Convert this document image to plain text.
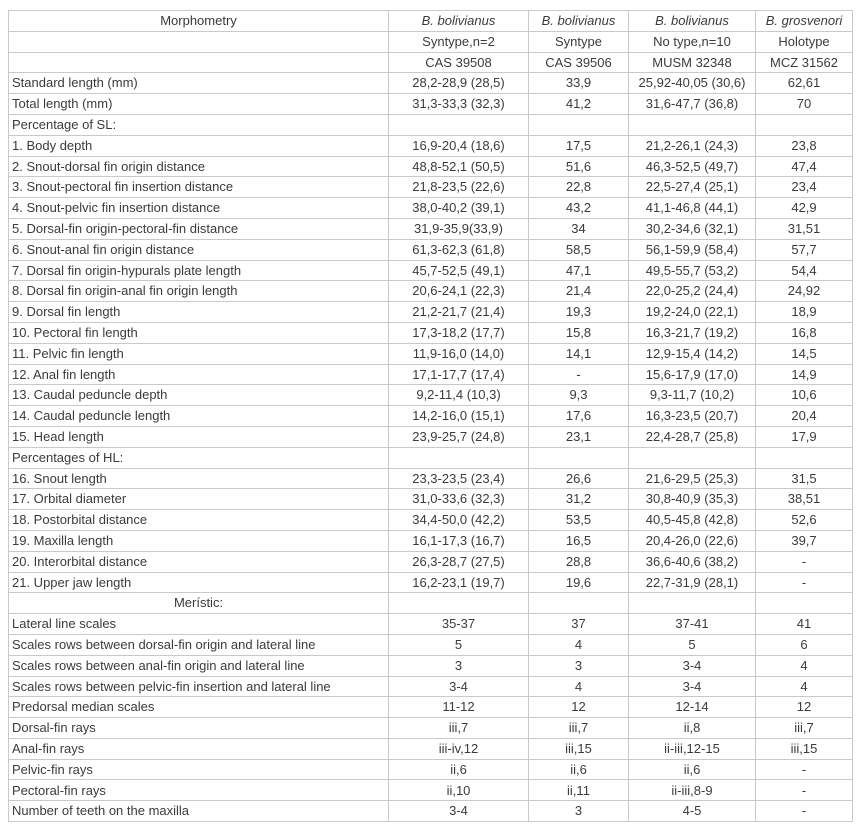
Morphometry	B. bolivianus	B. bolivianus	B. bolivianus	B. grosvenori
	Syntype,n=2	Syntype	No type,n=10	Holotype
	CAS 39508	CAS 39506	MUSM 32348	MCZ 31562
Standard length (mm)	28,2-28,9 (28,5)	33,9	25,92-40,05 (30,6)	62,61
Total length (mm)	31,3-33,3 (32,3)	41,2	31,6-47,7 (36,8)	70
Percentage of SL:				
1. Body depth	16,9-20,4 (18,6)	17,5	21,2-26,1 (24,3)	23,8
2. Snout-dorsal fin origin distance	48,8-52,1 (50,5)	51,6	46,3-52,5 (49,7)	47,4
3. Snout-pectoral fin insertion distance	21,8-23,5 (22,6)	22,8	22,5-27,4 (25,1)	23,4
4. Snout-pelvic fin insertion distance	38,0-40,2 (39,1)	43,2	41,1-46,8 (44,1)	42,9
5. Dorsal-fin origin-pectoral-fin distance	31,9-35,9(33,9)	34	30,2-34,6 (32,1)	31,51
6. Snout-anal fin origin distance	61,3-62,3 (61,8)	58,5	56,1-59,9 (58,4)	57,7
7. Dorsal fin origin-hypurals plate length	45,7-52,5 (49,1)	47,1	49,5-55,7 (53,2)	54,4
8. Dorsal fin origin-anal fin origin length	20,6-24,1 (22,3)	21,4	22,0-25,2 (24,4)	24,92
9. Dorsal fin length	21,2-21,7 (21,4)	19,3	19,2-24,0 (22,1)	18,9
10. Pectoral fin length	17,3-18,2 (17,7)	15,8	16,3-21,7 (19,2)	16,8
11. Pelvic fin length	11,9-16,0 (14,0)	14,1	12,9-15,4 (14,2)	14,5
12. Anal fin length	17,1-17,7 (17,4)	-	15,6-17,9 (17,0)	14,9
13. Caudal peduncle depth	9,2-11,4 (10,3)	9,3	9,3-11,7 (10,2)	10,6
14. Caudal peduncle length	14,2-16,0 (15,1)	17,6	16,3-23,5 (20,7)	20,4
15. Head length	23,9-25,7 (24,8)	23,1	22,4-28,7 (25,8)	17,9
Percentages of HL:				
16. Snout length	23,3-23,5 (23,4)	26,6	21,6-29,5 (25,3)	31,5
17. Orbital diameter	31,0-33,6 (32,3)	31,2	30,8-40,9 (35,3)	38,51
18. Postorbital distance	34,4-50,0 (42,2)	53,5	40,5-45,8 (42,8)	52,6
19. Maxilla length	16,1-17,3 (16,7)	16,5	20,4-26,0 (22,6)	39,7
20. Interorbital distance	26,3-28,7 (27,5)	28,8	36,6-40,6 (38,2)	-
21. Upper jaw length	16,2-23,1 (19,7)	19,6	22,7-31,9 (28,1)	-
Merístic:				
Lateral line scales	35-37	37	37-41	41
Scales rows between dorsal-fin origin and lateral line	5	4	5	6
Scales rows between anal-fin origin and lateral line	3	3	3-4	4
Scales rows between pelvic-fin insertion and lateral line	3-4	4	3-4	4
Predorsal median scales	11-12	12	12-14	12
Dorsal-fin rays	iii,7	iii,7	ii,8	iii,7
Anal-fin rays	iii-iv,12	iii,15	ii-iii,12-15	iii,15
Pelvic-fin rays	ii,6	ii,6	ii,6	-
Pectoral-fin rays	ii,10	ii,11	ii-iii,8-9	-
Number of teeth on the maxilla	3-4	3	4-5	-
